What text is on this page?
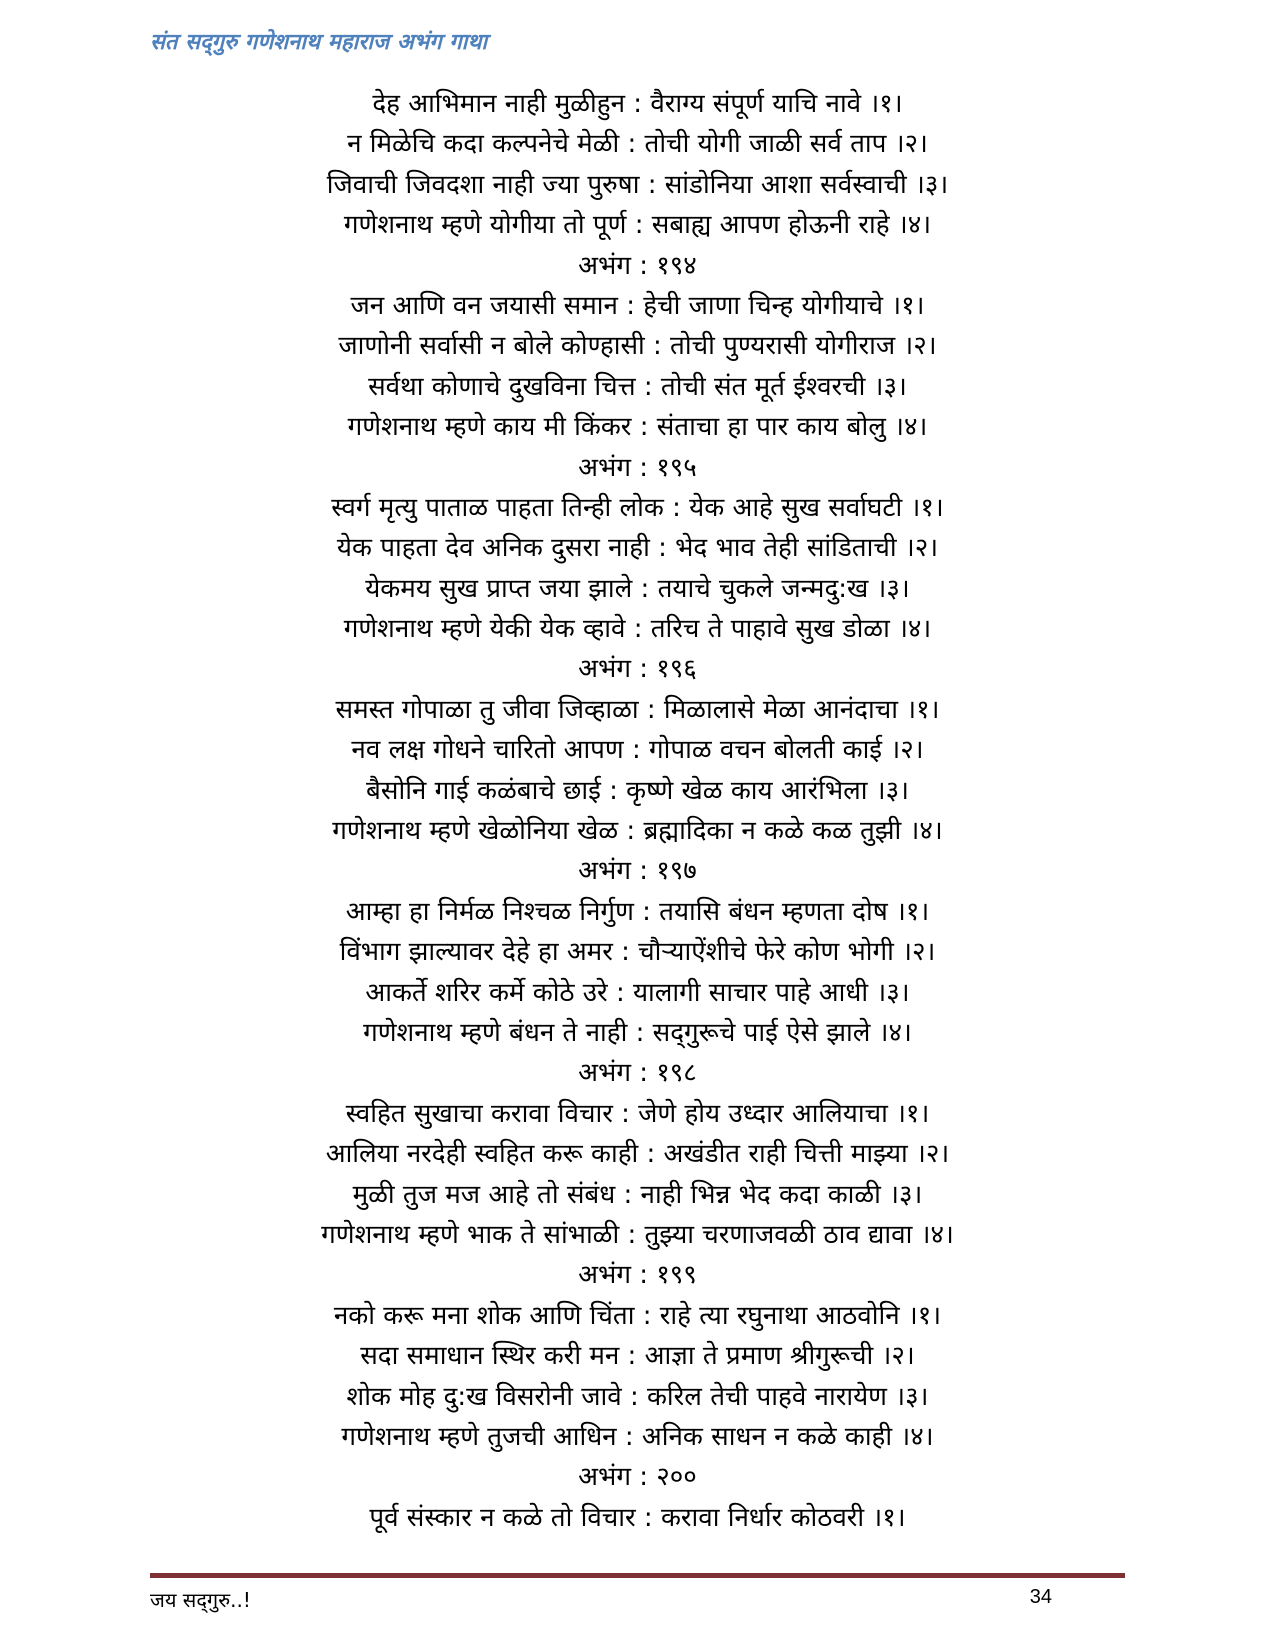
संत सद्‌गुरु गणेशनाथ महाराज अभंग गाथा
देह आभिमान नाही मुळीहुन : वैराग्य संपूर्ण याचि नावे ।१।
न मिळेचि कदा कल्पनेचे मेळी : तोची योगी जाळी सर्व ताप ।२।
जिवाची जिवदशा नाही ज्या पुरुषा : सांडोनिया आशा सर्वस्वाची ।३।
गणेशनाथ म्हणे योगीया तो पूर्ण : सबाह्य आपण होऊनी राहे ।४।
अभंग : १९४
जन आणि वन जयासी समान : हेची जाणा चिन्ह योगीयाचे ।१।
जाणोनी सर्वासी न बोले कोण्हासी : तोची पुण्यरासी योगीराज ।२।
सर्वथा कोणाचे दुखविना चित्त : तोची संत मूर्त ईश्वरची ।३।
गणेशनाथ म्हणे काय मी किंकर : संताचा हा पार काय बोलु ।४।
अभंग : १९५
स्वर्ग मृत्यु पाताळ पाहता तिन्ही लोक : येक आहे सुख सर्वाघटी ।१।
येक पाहता देव अनिक दुसरा नाही : भेद भाव तेही सांडिताची ।२।
येकमय सुख प्राप्त जया झाले : तयाचे चुकले जन्मदु:ख ।३।
गणेशनाथ म्हणे येकी येक व्हावे : तरिच ते पाहावे सुख डोळा ।४।
अभंग : १९६
समस्त गोपाळा तु जीवा जिव्हाळा : मिळालासे मेळा आनंदाचा ।१।
नव लक्ष गोधने चारितो आपण : गोपाळ वचन बोलती काई ।२।
बैसोनि गाई कळंबाचे छाई : कृष्णे खेळ काय आरंभिला ।३।
गणेशनाथ म्हणे खेळोनिया खेळ : ब्रह्मादिका न कळे कळ तुझी ।४।
अभंग : १९७
आम्हा हा निर्मळ निश्चळ निर्गुण : तयासि बंधन म्हणता दोष ।१।
विंभाग झाल्यावर देहे हा अमर : चौऱ्याऐंशीचे फेरे कोण भोगी ।२।
आकर्ते शरिर कर्मे कोठे उरे : यालागी साचार पाहे आधी ।३।
गणेशनाथ म्हणे बंधन ते नाही : सद्‌गुरूचे पाई ऐसे झाले ।४।
अभंग : १९८
स्वहित सुखाचा करावा विचार : जेणे होय उध्दार आलियाचा ।१।
आलिया नरदेही स्वहित करू काही : अखंडीत राही चित्ती माझ्या ।२।
मुळी तुज मज आहे तो संबंध : नाही भिन्न भेद कदा काळी ।३।
गणेशनाथ म्हणे भाक ते सांभाळी : तुझ्या चरणाजवळी ठाव द्यावा ।४।
अभंग : १९९
नको करू मना शोक आणि चिंता : राहे त्या रघुनाथा आठवोनि ।१।
सदा समाधान स्थिर करी मन : आज्ञा ते प्रमाण श्रीगुरूची ।२।
शोक मोह दु:ख विसरोनी जावे : करिल तेची पाहवे नारायेण ।३।
गणेशनाथ म्हणे तुजची आधिन : अनिक साधन न कळे काही ।४।
अभंग : २००
पूर्व संस्कार न कळे तो विचार : करावा निर्धार कोठवरी ।१।
जय सद्‌गुरु..!	34
